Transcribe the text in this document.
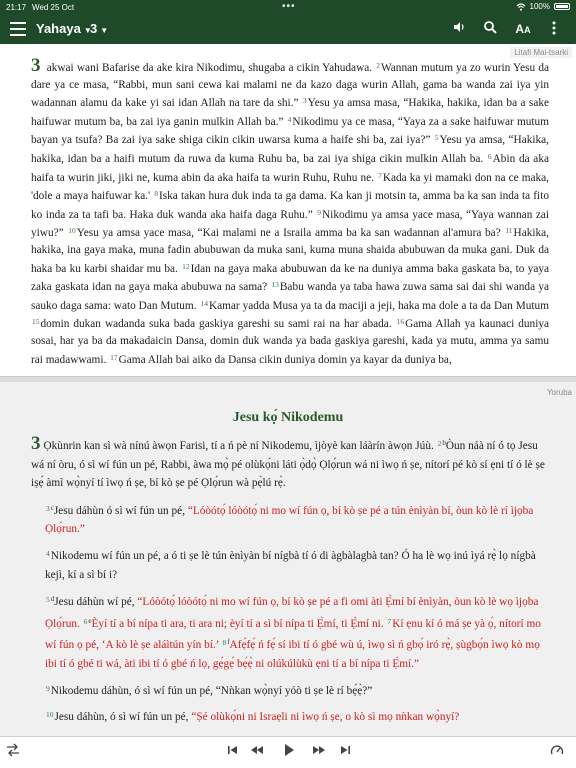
21:17 Wed 25 Oct	•••	100%
Yahaya ▼
3 ▼	AA
Litafi Mai-tsarki
3 akwai wani Bafarise da ake kira Nikodimu, shugaba a cikin Yahudawa. $^2$Wannan mutum ya zo wurin Yesu da dare ya ce masa, “Rabbi, mun sani cewa kai malami ne da kazo daga wurin Allah, gama ba wanda zai iya yin wadannan alamu da kake yi sai idan Allah na tare da shi.” $^3$Yesu ya amsa masa, “Hakika, hakika, idan ba a sake haifuwar mutum ba, ba zai iya ganin mulkin Allah ba.” $^4$Nikodimu ya ce masa, “Yaya za a sake haifuwar mutum bayan ya tsufa? Ba zai iya sake shiga cikin cikin uwarsa kuma a haife shi ba, zai iya?” $^5$Yesu ya amsa, “Hakika, hakika, idan ba a haifi mutum da ruwa da kuma Ruhu ba, ba zai iya shiga cikin mulkin Allah ba. $^6$Abin da aka haifa ta wurin jiki, jiki ne, kuma abin da aka haifa ta wurin Ruhu, Ruhu ne. $^7$Kada ka yi mamaki don na ce maka, 'dole a maya haifuwar ka.' $^8$Iska takan hura duk inda ta ga dama. Ka kan ji motsin ta, amma ba ka san inda ta fito ko inda za ta tafi ba. Haka duk wanda aka haifa daga Ruhu.” $^9$Nikodimu ya amsa yace masa, “Yaya wannan zai yiwu?” $^{10}$Yesu ya amsa yace masa, “Kai malami ne a Israila amma ba ka san wadannan al'amura ba? $^{11}$Hakika, hakika, ina gaya maka, muna fadin abubuwan da muka sani, kuma muna shaida abubuwan da muka gani. Duk da haka ba ku karbi shaidar mu ba. $^{12}$Idan na gaya maka abubuwan da ke na duniya amma baka gaskata ba, to yaya zaka gaskata idan na gaya maka abubuwa na sama? $^{13}$Babu wanda ya taba hawa zuwa sama sai dai shi wanda ya sauko daga sama: wato Dan Mutum. $^{14}$Kamar yadda Musa ya ta da maciji a jeji, haka ma dole a ta da Dan Mutum $^{15}$domin dukan wadanda suka bada gaskiya gareshi su sami rai na har abada. $^{16}$Gama Allah ya kaunaci duniya sosai, har ya ba da makadaicin Dansa, domin duk wanda ya bada gaskiya gareshi, kada ya mutu, amma ya samu rai madawwami. $^{17}$Gama Allah bai aiko da Dansa cikin duniya domin ya kayar da duniya ba,
Yoruba
Jesu kọ́ Nikodemu

3 Ọkùnrin kan sì wà nínú àwọn Farisi, tí a ń pè ní Nikodemu, ìjòyè kan láàrín àwọn Júù. $^{2b}$Òun náà ní ó tọ Jesu wá ní òru, ó sì wí fún un pé, Rabbi, àwa mọ̀ pé olùkọ́ni láti ọ̀dọ̀ Ọlọ́run wá ni ìwọ ń ṣe, nítorí pé kò sí ẹni tí ó lè ṣe iṣẹ́ àmì wọ̀nyí tí ìwọ ń ṣe, bí kò ṣe pé Ọlọ́run wà pẹ̀lú rẹ̀.

$^{3c}$Jesu dáhùn ó sì wí fún un pé, “Lóòótọ́ lóòótọ́ ni mo wí fún ọ, bí kò ṣe pé a tún ènìyàn bí, òun kò lè rí ìjọba Ọlọ́run.”

$^4$Nikodemu wí fún un pé, a ó ti ṣe lè tún ènìyàn bí nígbà tí ó di àgbàlagbà tan? Ó ha lè wọ inú ìyá rẹ̀ lọ nígbà kejì, kí a sì bí i?

$^{5d}$Jesu dáhùn wí pé, “Lóòótọ́ lóòótọ́ ni mo wí fún ọ, bí kò ṣe pé a fi omi àti Ẹ̀mí bí ènìyàn, òun kò lè wọ ìjọba Ọlọ́run. $^{6e}$Èyí tí a bí nípa ti ara, ti ara ni; èyí tí a sì bí nípa ti Ẹ̀mí, ti Ẹ̀mí ni. $^7$Kí ẹnu kí ó má ṣe yà ọ́, nítorí mo wí fún ọ pé, ‘A kò lè ṣe aláìtún yín bí.’ $^{8f}$Afẹ́fẹ́ ń fẹ́ sí ibi tí ó gbé wù ú, ìwọ sì ń gbọ́ iró rẹ̀, ṣùgbọ́n ìwọ kò mọ ibi tí ó gbé ti wá, àti ibi tí ó gbé ń lọ, gẹ́gẹ́ bẹ́ẹ̀ ni olúkúlùkù ẹni tí a bí nípa ti Ẹ̀mí.”

$^9$Nikodemu dáhùn, ó sì wí fún un pé, “Nǹkan wọ̀nyí yóò ti ṣe lè rí bẹ́ẹ̀?”

$^{10}$Jesu dáhùn, ó sì wí fún un pé, “Ṣé olùkọ́ni ni Israẹli ni ìwọ ń ṣe, o kò sì mọ nǹkan wọ̀nyí?
